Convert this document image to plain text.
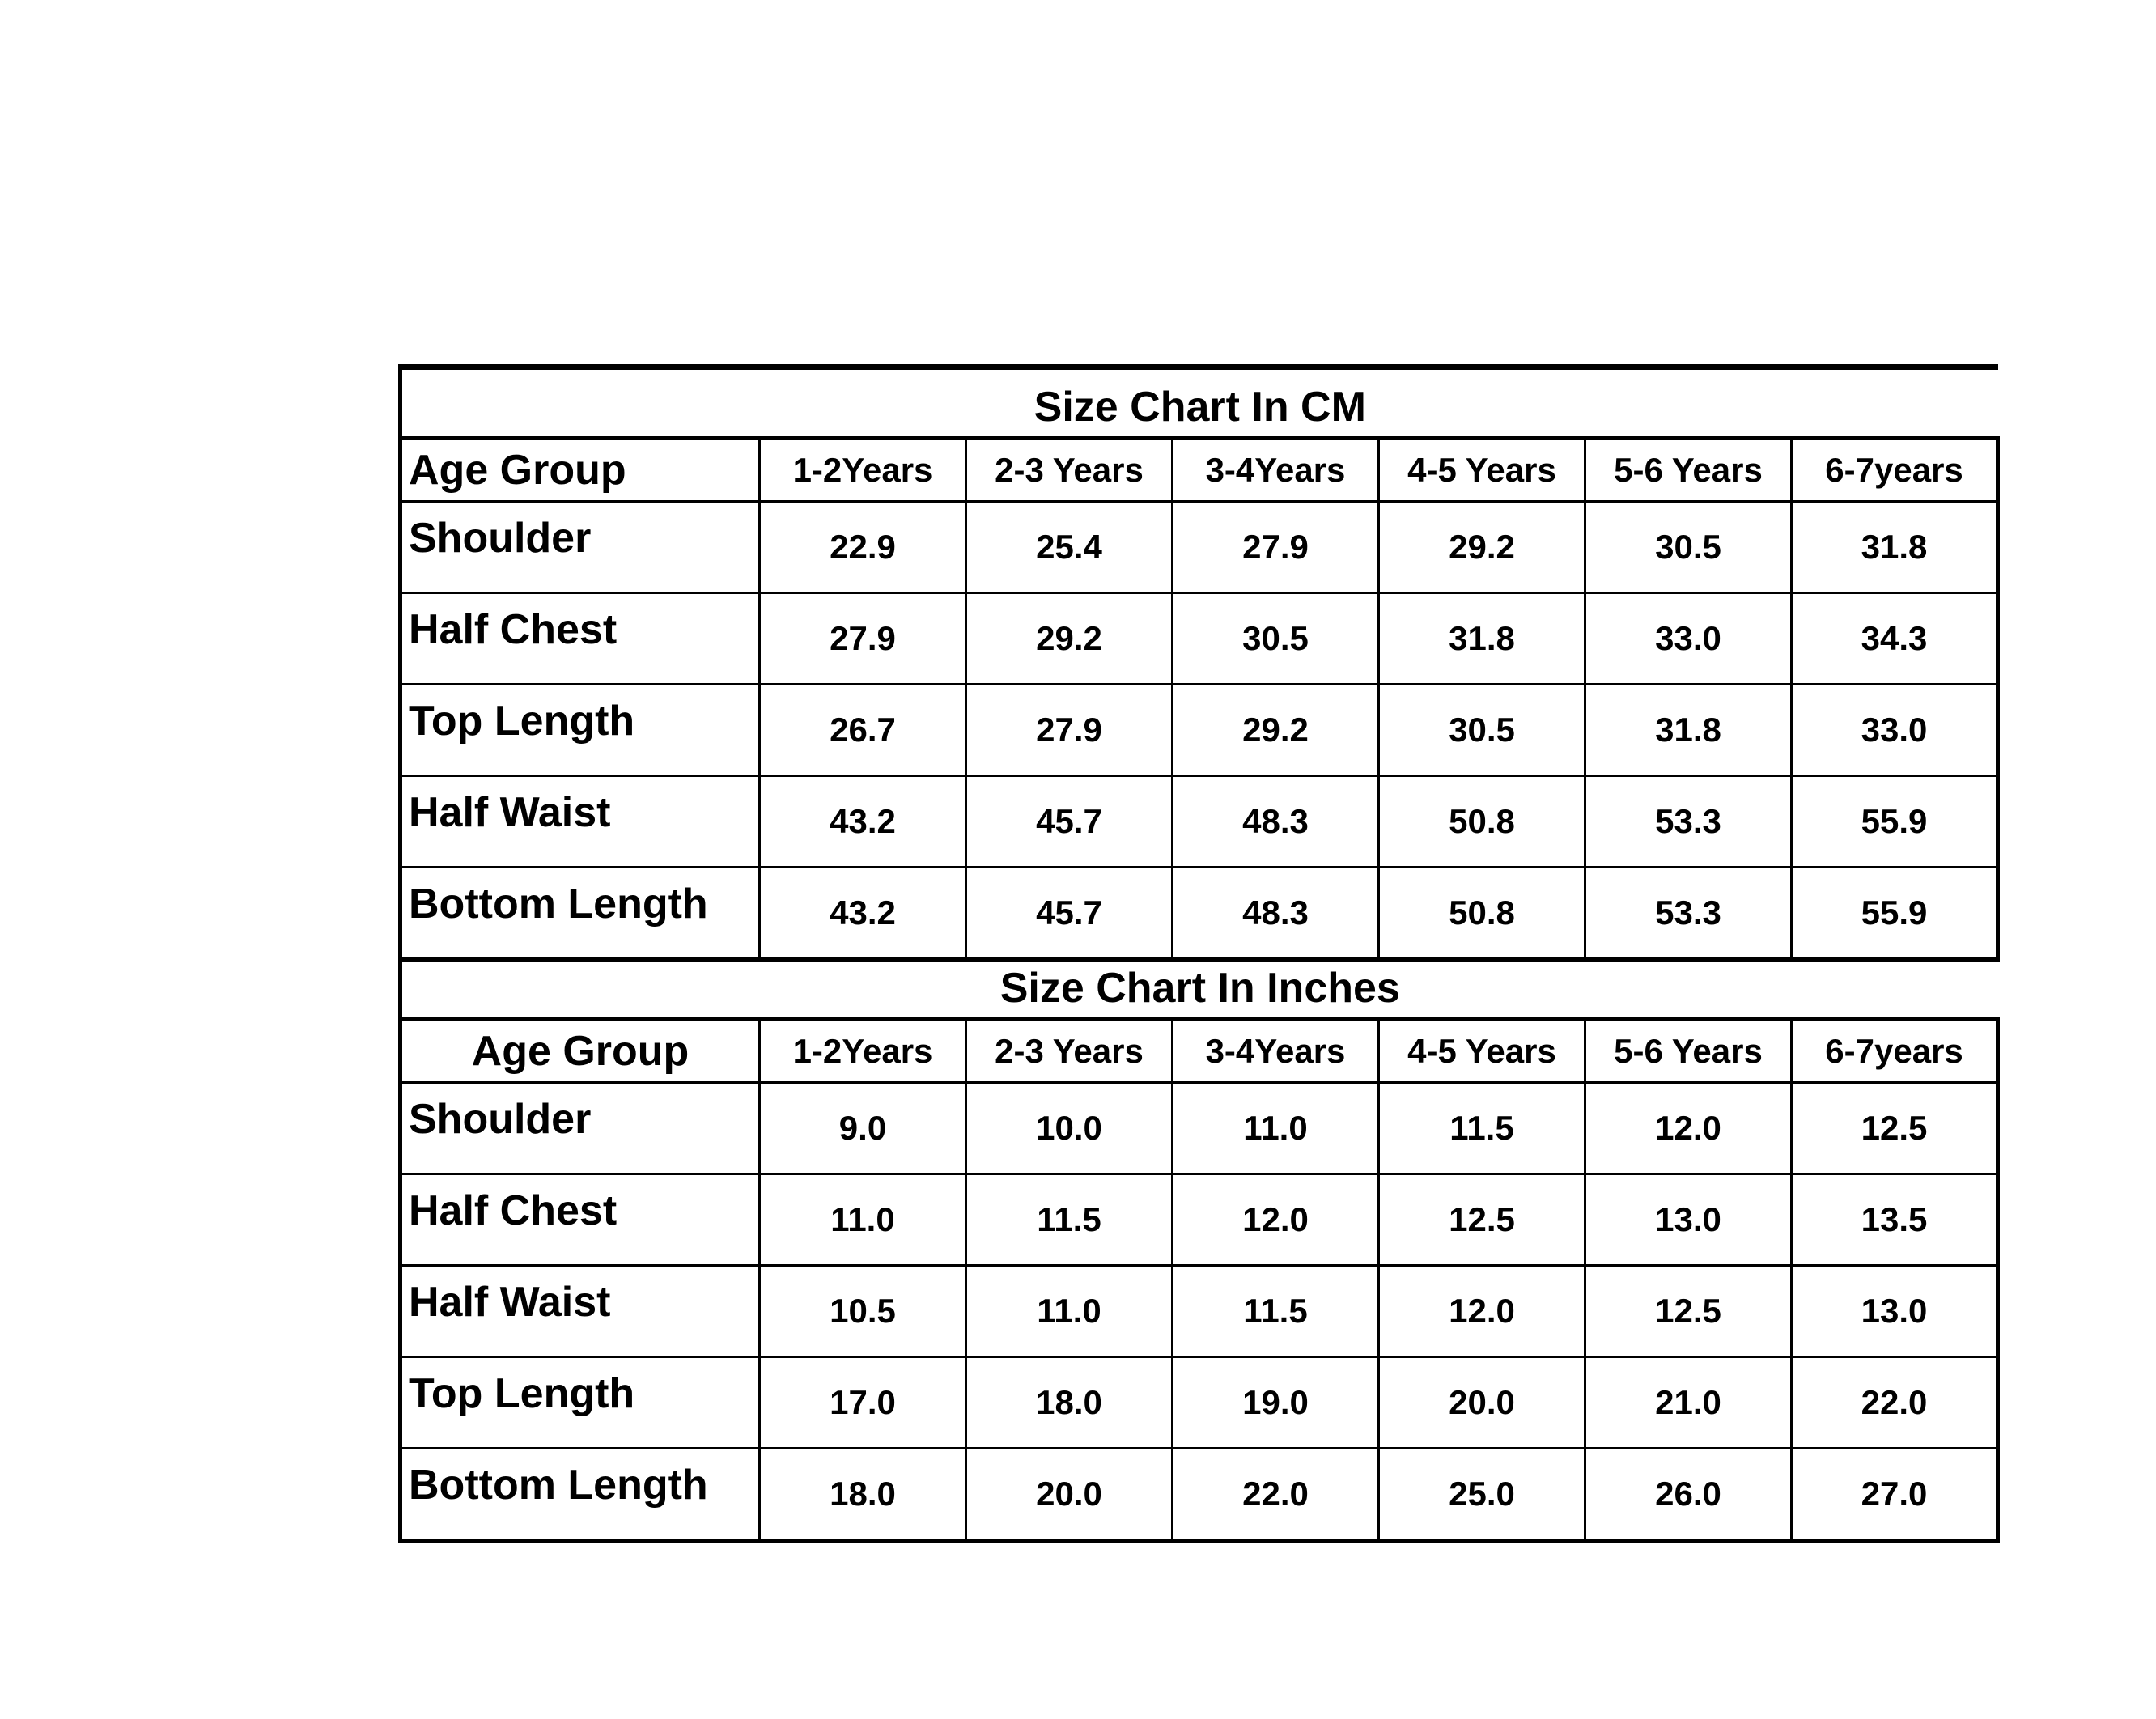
Size Chart In CM						
Age Group	1-2Years	2-3 Years	3-4Years	4-5 Years	5-6 Years	6-7years
Shoulder	22.9	25.4	27.9	29.2	30.5	31.8
Half Chest	27.9	29.2	30.5	31.8	33.0	34.3
Top Length	26.7	27.9	29.2	30.5	31.8	33.0
Half Waist	43.2	45.7	48.3	50.8	53.3	55.9
Bottom Length	43.2	45.7	48.3	50.8	53.3	55.9
Size Chart In Inches						
Age Group	1-2Years	2-3 Years	3-4Years	4-5 Years	5-6 Years	6-7years
Shoulder	9.0	10.0	11.0	11.5	12.0	12.5
Half Chest	11.0	11.5	12.0	12.5	13.0	13.5
Half Waist	10.5	11.0	11.5	12.0	12.5	13.0
Top Length	17.0	18.0	19.0	20.0	21.0	22.0
Bottom Length	18.0	20.0	22.0	25.0	26.0	27.0
